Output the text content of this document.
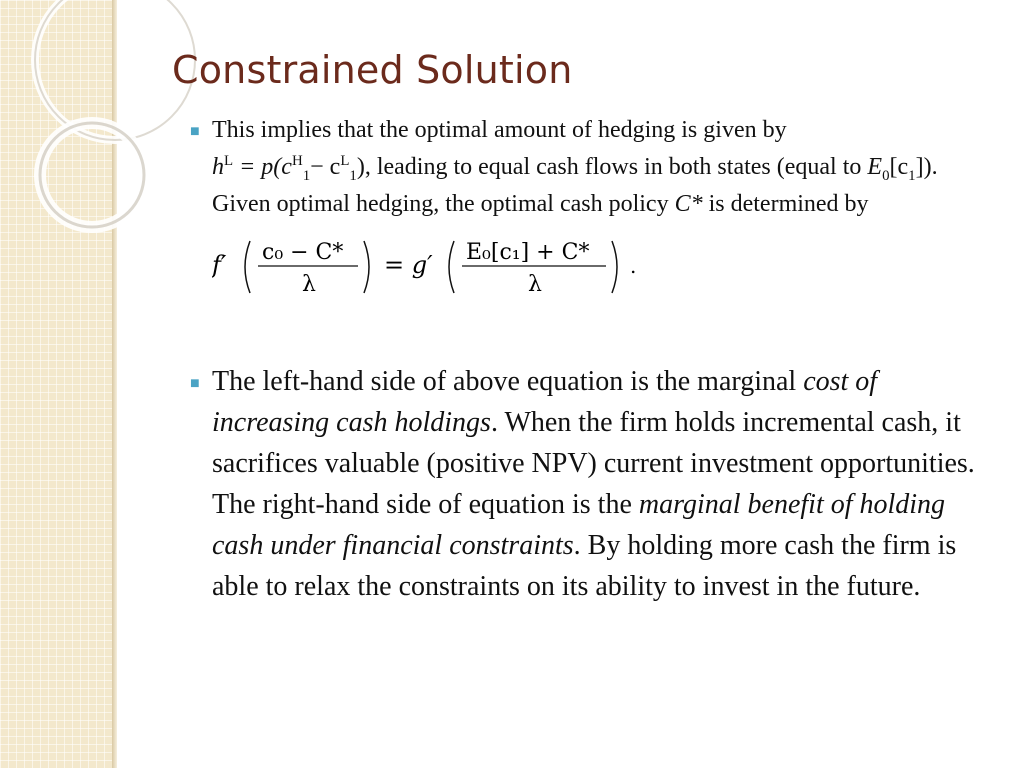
Constrained Solution
■ This implies that the optimal amount of hedging is given by
$h^L = p(c^H_1- c^L_1)$, leading to equal cash flows in both states (equal to $E_0[c_1]$). Given optimal hedging, the optimal cash policy C* is determined by
f′ c₀ − C*
λ
= g′ E₀[c₁] + C*
λ
.
■ The left-hand side of above equation is the marginal cost of increasing cash holdings. When the firm holds incremental cash, it sacrifices valuable (positive NPV) current investment opportunities. The right-hand side of equation is the marginal benefit of holding cash under financial constraints. By holding more cash the firm is able to relax the constraints on its ability to invest in the future.
